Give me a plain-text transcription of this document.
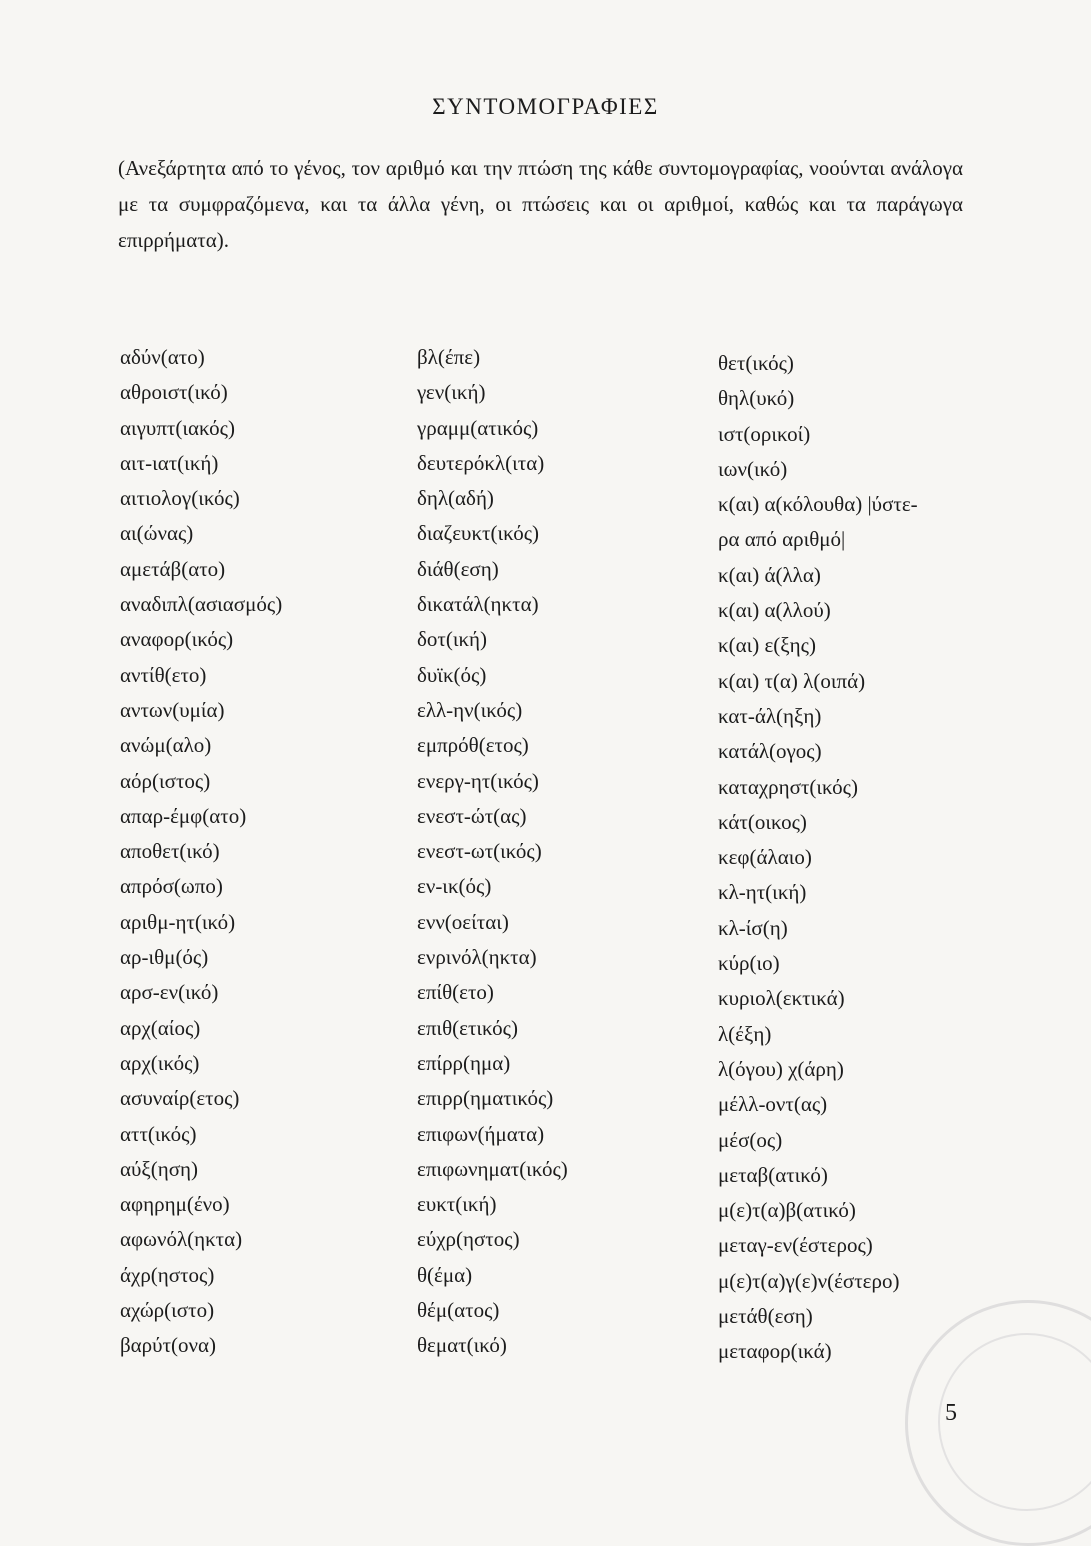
ΣΥΝΤΟΜΟΓΡΑΦΙΕΣ
(Ανεξάρτητα από το γένος, τον αριθμό και την πτώση της κάθε συντομογραφίας, νοούνται ανάλογα με τα συμφραζόμενα, και τα άλλα γένη, οι πτώσεις και οι αριθμοί, καθώς και τα παράγωγα επιρρήματα).
αδύν(ατο)
αθροιστ(ικό)
αιγυπτ(ιακός)
αιτ-ιατ(ική)
αιτιολογ(ικός)
αι(ώνας)
αμετάβ(ατο)
αναδιπλ(ασιασμός)
αναφορ(ικός)
αντίθ(ετο)
αντων(υμία)
ανώμ(αλο)
αόρ(ιστος)
απαρ-έμφ(ατο)
αποθετ(ικό)
απρόσ(ωπο)
αριθμ-ητ(ικό)
αρ-ιθμ(ός)
αρσ-εν(ικό)
αρχ(αίος)
αρχ(ικός)
ασυναίρ(ετος)
αττ(ικός)
αύξ(ηση)
αφηρημ(ένο)
αφωνόλ(ηκτα)
άχρ(ηστος)
αχώρ(ιστο)
βαρύτ(ονα)
βλ(έπε)
γεν(ική)
γραμμ(ατικός)
δευτερόκλ(ιτα)
δηλ(αδή)
διαζευκτ(ικός)
διάθ(εση)
δικατάλ(ηκτα)
δοτ(ική)
δυϊκ(ός)
ελλ-ην(ικός)
εμπρόθ(ετος)
ενεργ-ητ(ικός)
ενεστ-ώτ(ας)
ενεστ-ωτ(ικός)
εν-ικ(ός)
ενν(οείται)
ενρινόλ(ηκτα)
επίθ(ετο)
επιθ(ετικός)
επίρρ(ημα)
επιρρ(ηματικός)
επιφων(ήματα)
επιφωνηματ(ικός)
ευκτ(ική)
εύχρ(ηστος)
θ(έμα)
θέμ(ατος)
θεματ(ικό)
θετ(ικός)
θηλ(υκό)
ιστ(ορικοί)
ιων(ικό)
κ(αι) α(κόλουθα) |ύστε-
ρα από αριθμό|
κ(αι) ά(λλα)
κ(αι) α(λλού)
κ(αι) ε(ξης)
κ(αι) τ(α) λ(οιπά)
κατ-άλ(ηξη)
κατάλ(ογος)
καταχρηστ(ικός)
κάτ(οικος)
κεφ(άλαιο)
κλ-ητ(ική)
κλ-ίσ(η)
κύρ(ιο)
κυριολ(εκτικά)
λ(έξη)
λ(όγου) χ(άρη)
μέλλ-οντ(ας)
μέσ(ος)
μεταβ(ατικό)
μ(ε)τ(α)β(ατικό)
μεταγ-εν(έστερος)
μ(ε)τ(α)γ(ε)ν(έστερο)
μετάθ(εση)
μεταφορ(ικά)
5
